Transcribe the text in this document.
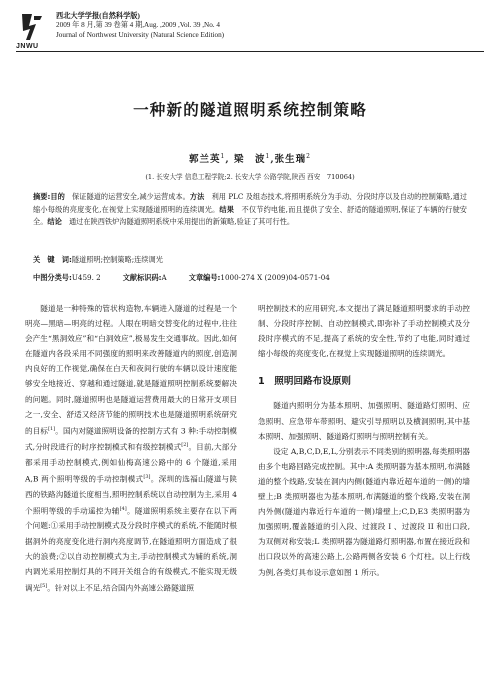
JNWU
西北大学学报(自然科学版)
2009 年 8 月,第 39 卷第 4 期,Aug. ,2009 ,Vol. 39 ,No. 4
Journal of Northwest University (Natural Science Edition)
一种新的隧道照明系统控制策略
郭兰英$^1$, 梁　波$^1$,张生瑞$^2$
(1. 长安大学 信息工程学院;2. 长安大学 公路学院,陕西 西安　710064)
摘要:目的　保证隧道的运营安全,减少运营成本。方法　利用 PLC 及组态技术,将照明系统分为手动、分段时序以及自动的控制策略,通过缩小每级的亮度变化,在视觉上实现隧道照明的连续调光。结果　不仅节约电能,而且提供了安全、舒适的隧道照明,保证了车辆的行驶安全。结论　通过在陕西铁炉沟隧道照明系统中采用提出的新策略,验证了其可行性。
关　键　词:隧道照明;控制策略;连续调光
中图分类号:U459. 2	文献标识码:A	文章编号:1000-274 X (2009)04-0571-04

隧道是一种特殊的管状构造物,车辆进入隧道的过程是一个明亮—黑暗—明亮的过程。人眼在明暗交替变化的过程中,往往会产生“黑洞效应”和“白洞效应”,极易发生交通事故。因此,如何在隧道内各段采用不同强度的照明来改善隧道内的照度,创造洞内良好的工作视觉,确保在白天和夜间行驶的车辆以设计速度能够安全地接近、穿越和通过隧道,就是隧道照明控制系统要解决的问题。同时,隧道照明也是隧道运营费用最大的日常开支项目之一,安全、舒适又经济节能的照明技术也是隧道照明系统研究的目标[1]。国内对隧道照明设备的控制方式有 3 种:手动控制模式,分时段进行的时序控制模式和有级控制模式[2]。目前,大部分都采用手动控制模式,例如仙梅高速公路中的 6 个隧道,采用 A,B 两个照明等级的手动控制模式[3]。深圳的选福山隧道与陕西的铁路沟隧道长度相当,照明控制系统以自动控制为主,采用 4 个照明等级的手动遥控为辅[4]。隧道照明系统主要存在以下两个问题:①采用手动控制模式及分段时序模式的系统,不能随时根据洞外的亮度变化进行洞内亮度调节,在隧道照明方面造成了很大的浪费;②以自动控制模式为主,手动控制模式为辅的系统,洞内调光采用控制灯具的不同开关组合的有级模式,不能实现无级调光[5]。针对以上不足,结合国内外高速公路隧道照

明控制技术的应用研究,本文提出了满足隧道照明要求的手动控制、分段时序控制、自动控制模式,即弥补了手动控制模式及分段时序模式的不足,提高了系统的安全性,节约了电能,同时通过缩小每级的亮度变化,在视觉上实现隧道照明的连续调光。

1　照明回路布设原则

隧道内照明分为基本照明、加强照明、隧道路灯照明、应急照明、应急带车带照明、避灾引导照明以及横洞照明,其中基本照明、加强照明、隧道路灯照明与照明控制有关。

设定 A,B,C,D,E,L,分别表示不同类别的照明器,每类照明器由多个电路回路完成控制。其中:A 类照明器为基本照明,布满隧道的整个线路,安装在洞内内侧(隧道内靠近超车道的一侧)的墙壁上;B 类照明器也为基本照明,布满隧道的整个线路,安装在洞内外侧(隧道内靠近行车道的一侧)墙壁上;C,D,E3 类照明器为加强照明,覆盖隧道的引入段、过渡段 I 、过渡段 II 和出口段,为双侧对称安装;L 类照明器为隧道路灯照明器,布置在接近段和出口段以外的高速公路上,公路两侧各安装 6 个灯柱。以上行线为例,各类灯具布设示意如图 1 所示。
